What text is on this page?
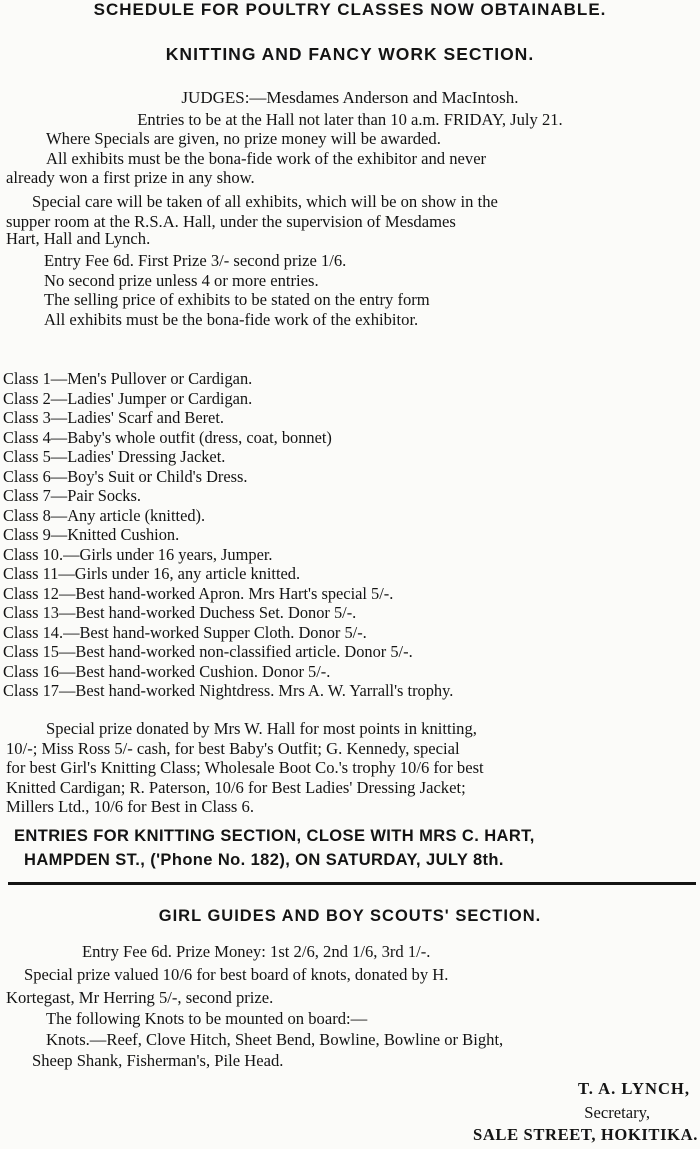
SCHEDULE FOR POULTRY CLASSES NOW OBTAINABLE.
KNITTING AND FANCY WORK SECTION.

JUDGES:—Mesdames Anderson and MacIntosh.

Entries to be at the Hall not later than 10 a.m. FRIDAY, July 21.
Where Specials are given, no prize money will be awarded.
All exhibits must be the bona-fide work of the exhibitor and never
already won a first prize in any show.
Special care will be taken of all exhibits, which will be on show in the
supper room at the R.S.A. Hall, under the supervision of Mesdames
Hart, Hall and Lynch.
Entry Fee 6d. First Prize 3/- second prize 1/6.
No second prize unless 4 or more entries.
The selling price of exhibits to be stated on the entry form
All exhibits must be the bona-fide work of the exhibitor.
Class 1—Men's Pullover or Cardigan.
Class 2—Ladies' Jumper or Cardigan.
Class 3—Ladies' Scarf and Beret.
Class 4—Baby's whole outfit (dress, coat, bonnet)
Class 5—Ladies' Dressing Jacket.
Class 6—Boy's Suit or Child's Dress.
Class 7—Pair Socks.
Class 8—Any article (knitted).
Class 9—Knitted Cushion.
Class 10.—Girls under 16 years, Jumper.
Class 11—Girls under 16, any article knitted.
Class 12—Best hand-worked Apron. Mrs Hart's special 5/-.
Class 13—Best hand-worked Duchess Set. Donor 5/-.
Class 14.—Best hand-worked Supper Cloth. Donor 5/-.
Class 15—Best hand-worked non-classified article. Donor 5/-.
Class 16—Best hand-worked Cushion. Donor 5/-.
Class 17—Best hand-worked Nightdress. Mrs A. W. Yarrall's trophy.
Special prize donated by Mrs W. Hall for most points in knitting,
10/-; Miss Ross 5/- cash, for best Baby's Outfit; G. Kennedy, special
for best Girl's Knitting Class; Wholesale Boot Co.'s trophy 10/6 for best
Knitted Cardigan; R. Paterson, 10/6 for Best Ladies' Dressing Jacket;
Millers Ltd., 10/6 for Best in Class 6.
ENTRIES FOR KNITTING SECTION, CLOSE WITH MRS C. HART,
HAMPDEN ST., ('Phone No. 182), ON SATURDAY, JULY 8th.
GIRL GUIDES AND BOY SCOUTS' SECTION.
Entry Fee 6d. Prize Money: 1st 2/6, 2nd 1/6, 3rd 1/-.
Special prize valued 10/6 for best board of knots, donated by H.
Kortegast, Mr Herring 5/-, second prize.
The following Knots to be mounted on board:—
Knots.—Reef, Clove Hitch, Sheet Bend, Bowline, Bowline or Bight,
Sheep Shank, Fisherman's, Pile Head.
T. A. LYNCH,
Secretary,
SALE STREET, HOKITIKA.
